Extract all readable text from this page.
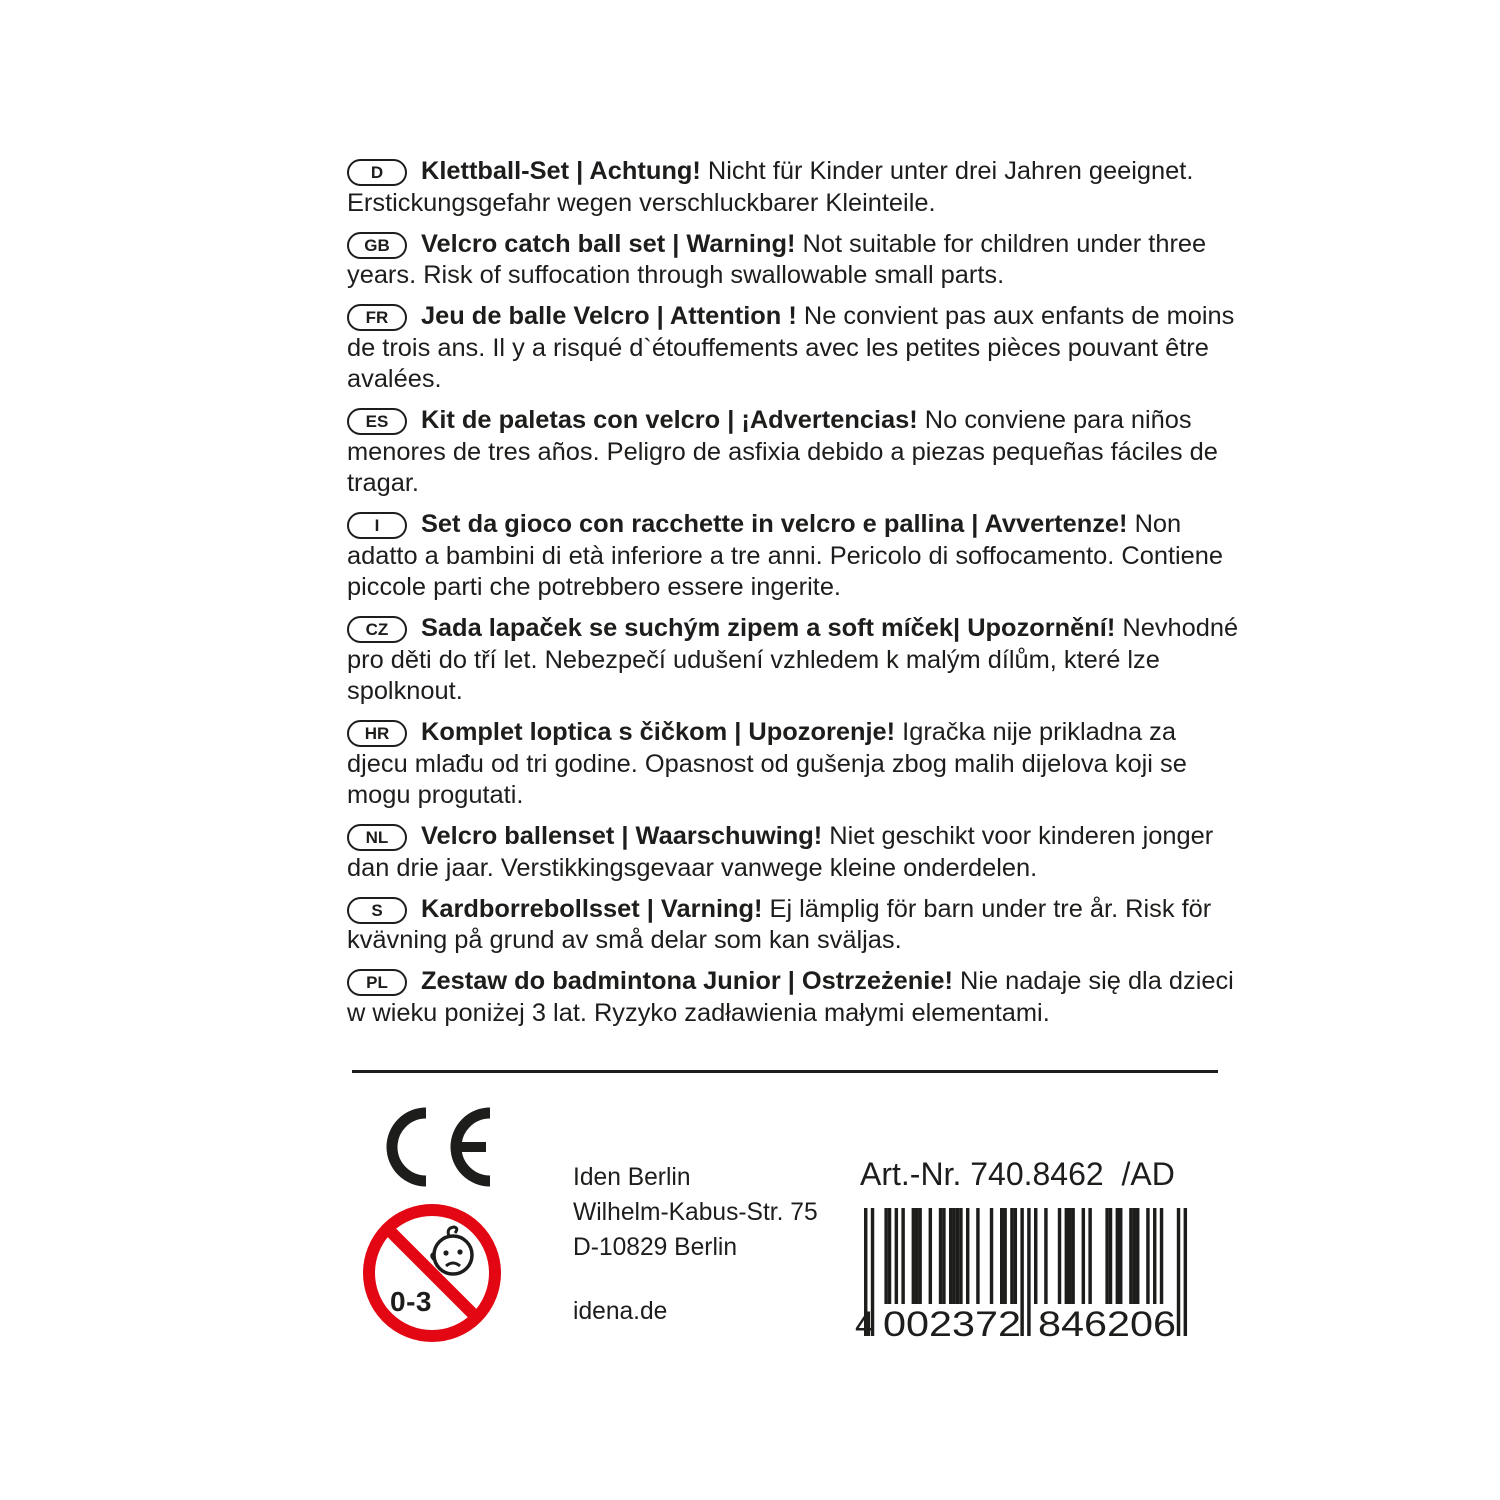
D Klettball-Set | Achtung! Nicht für Kinder unter drei Jahren geeignet. Erstickungsgefahr wegen verschluckbarer Kleinteile.

GB Velcro catch ball set | Warning! Not suitable for children under three years. Risk of suffocation through swallowable small parts.

FR Jeu de balle Velcro | Attention ! Ne convient pas aux enfants de moins de trois ans. Il y a risqué d`étouffements avec les petites pièces pouvant être avalées.

ES Kit de paletas con velcro | ¡Advertencias! No conviene para niños menores de tres años. Peligro de asfixia debido a piezas pequeñas fáciles de tragar.

I Set da gioco con racchette in velcro e pallina | Avvertenze! Non adatto a bambini di età inferiore a tre anni. Pericolo di soffocamento. Contiene piccole parti che potrebbero essere ingerite.

CZ Sada lapaček se suchým zipem a soft míček| Upozornění! Nevhodné pro děti do tří let. Nebezpečí udušení vzhledem k malým dílům, které lze spolknout.

HR Komplet loptica s čičkom | Upozorenje! Igračka nije prikladna za djecu mlađu od tri godine. Opasnost od gušenja zbog malih dijelova koji se mogu progutati.

NL Velcro ballenset | Waarschuwing! Niet geschikt voor kinderen jonger dan drie jaar. Verstikkingsgevaar vanwege kleine onderdelen.

S Kardborrebollsset | Varning! Ej lämplig för barn under tre år. Risk för kvävning på grund av små delar som kan sväljas.

PL Zestaw do badmintona Junior | Ostrzeżenie! Nie nadaje się dla dzieci w wieku poniżej 3 lat. Ryzyko zadławienia małymi elementami.

0-3
Iden Berlin
Wilhelm-Kabus-Str. 75
D-10829 Berlin
idena.de
Art.-Nr. 740.8462  /AD
4 002372 846206
